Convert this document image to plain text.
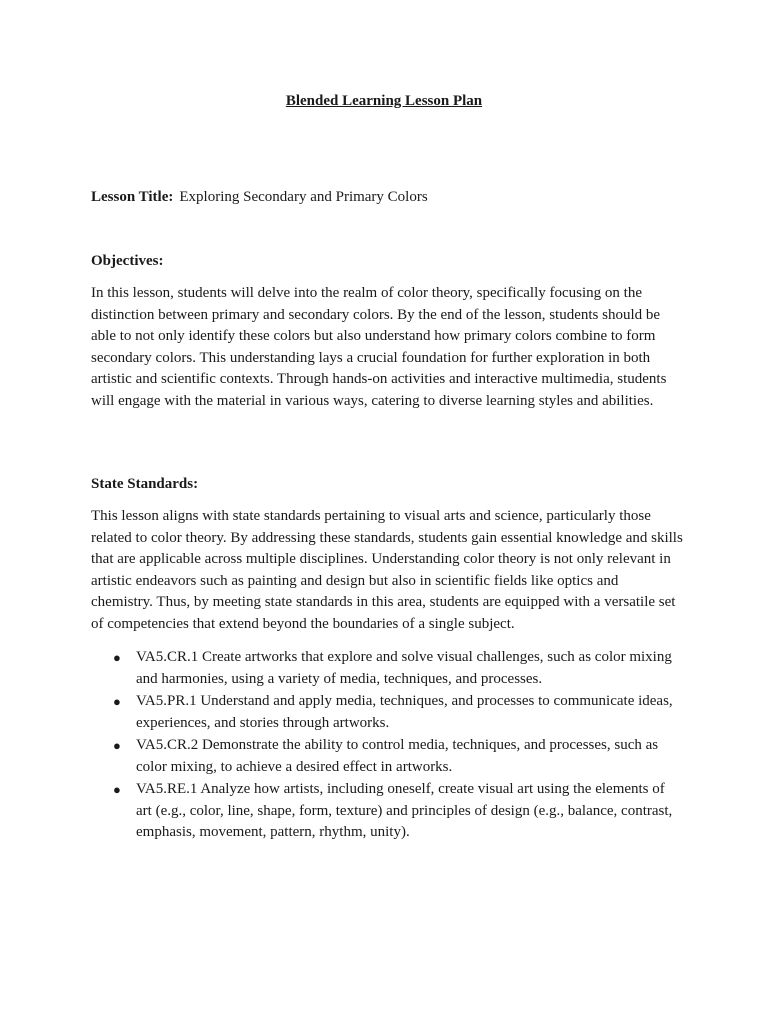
Blended Learning Lesson Plan

Lesson Title: Exploring Secondary and Primary Colors

Objectives:

In this lesson, students will delve into the realm of color theory, specifically focusing on the distinction between primary and secondary colors. By the end of the lesson, students should be able to not only identify these colors but also understand how primary colors combine to form secondary colors. This understanding lays a crucial foundation for further exploration in both artistic and scientific contexts. Through hands-on activities and interactive multimedia, students will engage with the material in various ways, catering to diverse learning styles and abilities.

State Standards:

This lesson aligns with state standards pertaining to visual arts and science, particularly those related to color theory. By addressing these standards, students gain essential knowledge and skills that are applicable across multiple disciplines. Understanding color theory is not only relevant in artistic endeavors such as painting and design but also in scientific fields like optics and chemistry. Thus, by meeting state standards in this area, students are equipped with a versatile set of competencies that extend beyond the boundaries of a single subject.

● VA5.CR.1 Create artworks that explore and solve visual challenges, such as color mixing and harmonies, using a variety of media, techniques, and processes.
● VA5.PR.1 Understand and apply media, techniques, and processes to communicate ideas, experiences, and stories through artworks.
● VA5.CR.2 Demonstrate the ability to control media, techniques, and processes, such as color mixing, to achieve a desired effect in artworks.
● VA5.RE.1 Analyze how artists, including oneself, create visual art using the elements of art (e.g., color, line, shape, form, texture) and principles of design (e.g., balance, contrast, emphasis, movement, pattern, rhythm, unity).
